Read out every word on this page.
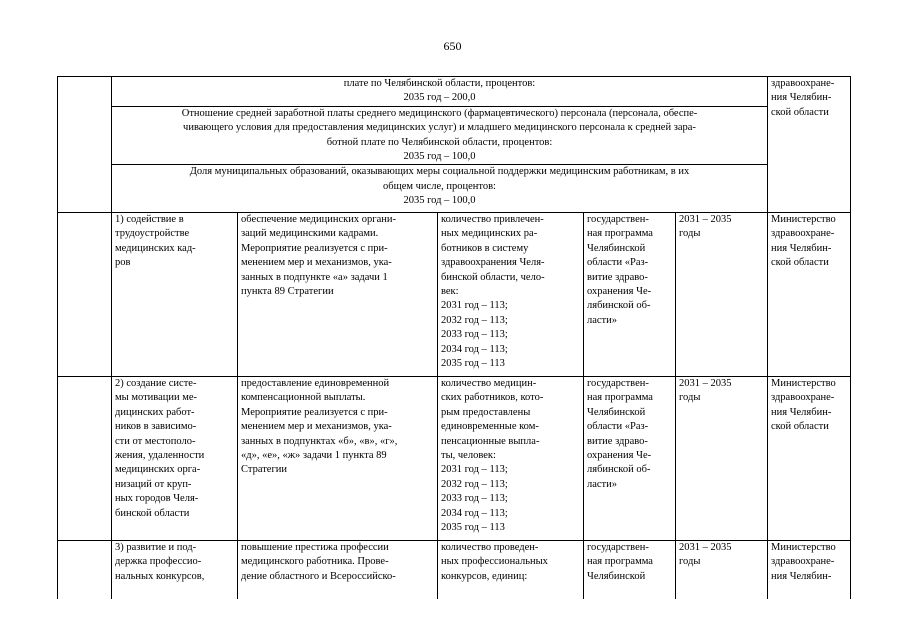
650
плате по Челябинской области, процентов:
2035 год – 200,0
Отношение средней заработной платы среднего медицинского (фармацевтического) персонала (персонала, обеспе-
чивающего условия для предоставления медицинских услуг) и младшего медицинского персонала к средней зара-
ботной плате по Челябинской области, процентов:
2035 год – 100,0
Доля муниципальных образований, оказывающих меры социальной поддержки медицинским работникам, в их
общем числе, процентов:
2035 год – 100,0
здравоохране-
ния Челябин-
ской области
1) содействие в
трудоустройстве
медицинских кад-
ров
обеспечение медицинских органи-
заций медицинскими кадрами.
Мероприятие реализуется с при-
менением мер и механизмов, ука-
занных в подпункте «а» задачи 1
пункта 89 Стратегии
количество привлечен-
ных медицинских ра-
ботников в систему
здравоохранения Челя-
бинской области, чело-
век:
2031 год – 113;
2032 год – 113;
2033 год – 113;
2034 год – 113;
2035 год – 113
государствен-
ная программа
Челябинской
области «Раз-
витие здраво-
охранения Че-
лябинской об-
ласти»
2031 – 2035
годы
Министерство
здравоохране-
ния Челябин-
ской области
2) создание систе-
мы мотивации ме-
дицинских работ-
ников в зависимо-
сти от местополо-
жения, удаленности
медицинских орга-
низаций от круп-
ных городов Челя-
бинской области
предоставление единовременной
компенсационной выплаты.
Мероприятие реализуется с при-
менением мер и механизмов, ука-
занных в подпунктах «б», «в», «г»,
«д», «е», «ж» задачи 1 пункта 89
Стратегии
количество медицин-
ских работников, кото-
рым предоставлены
единовременные ком-
пенсационные выпла-
ты, человек:
2031 год – 113;
2032 год – 113;
2033 год – 113;
2034 год – 113;
2035 год – 113
государствен-
ная программа
Челябинской
области «Раз-
витие здраво-
охранения Че-
лябинской об-
ласти»
2031 – 2035
годы
Министерство
здравоохране-
ния Челябин-
ской области
3) развитие и под-
держка профессио-
нальных конкурсов,
повышение престижа профессии
медицинского работника. Прове-
дение областного и Всероссийско-
количество проведен-
ных профессиональных
конкурсов, единиц:
государствен-
ная программа
Челябинской
2031 – 2035
годы
Министерство
здравоохране-
ния Челябин-
